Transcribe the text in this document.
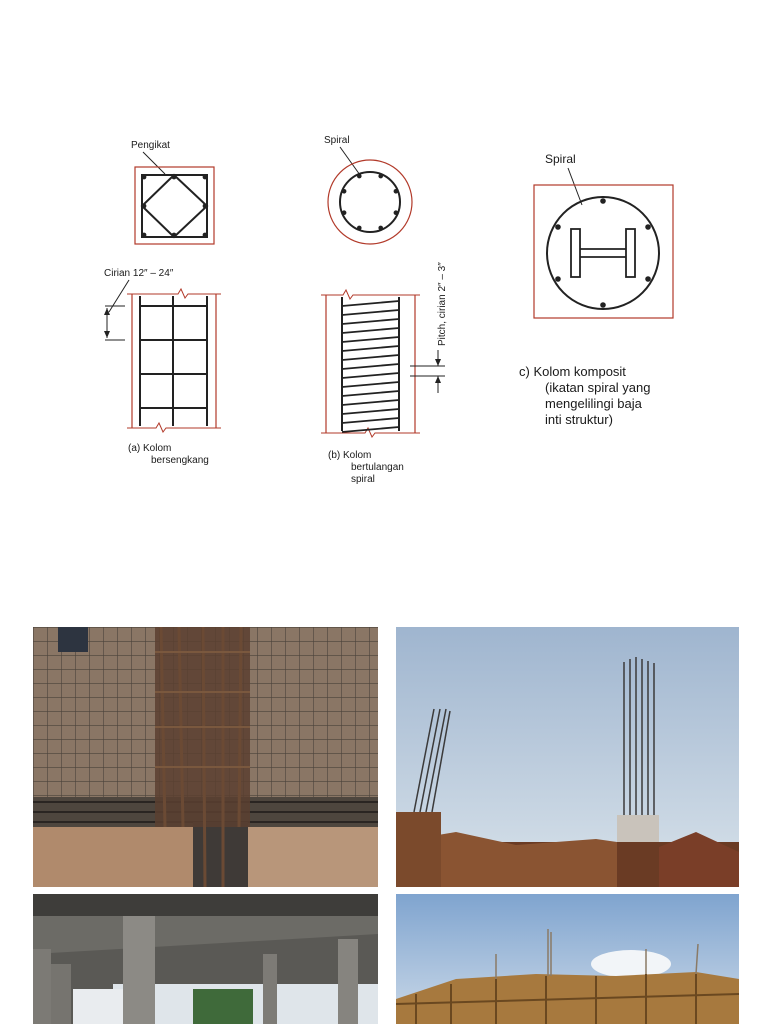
Pengikat
Cirian 12″ – 24″
(a) Kolom
bersengkang
Spiral
Pitch, cirian 2″ – 3″
(b) Kolom
bertulangan
spiral
Spiral
c) Kolom komposit
(ikatan spiral yang
mengelilingi baja
inti struktur)
